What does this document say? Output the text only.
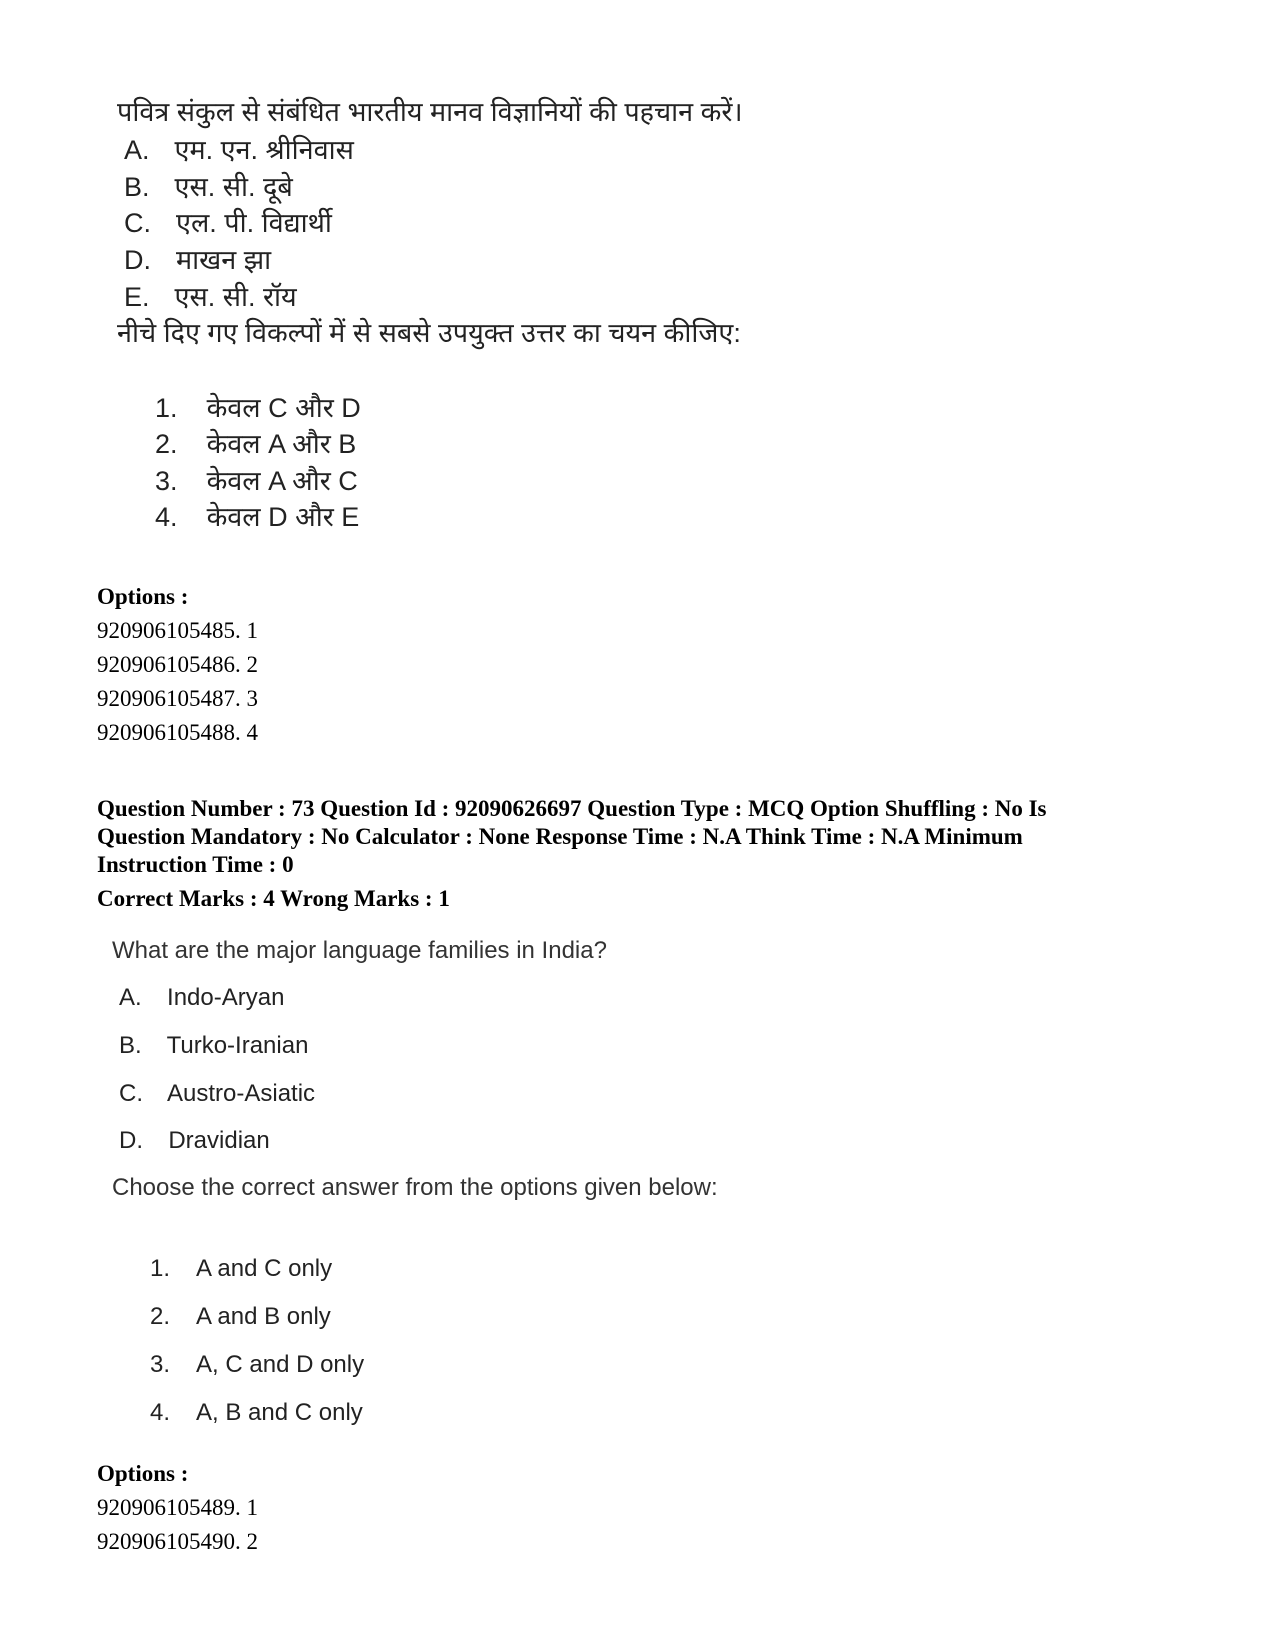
पवित्र संकुल से संबंधित भारतीय मानव विज्ञानियों की पहचान करें।
A. एम. एन. श्रीनिवास
B. एस. सी. दूबे
C. एल. पी. विद्यार्थी
D. माखन झा
E. एस. सी. रॉय
नीचे दिए गए विकल्पों में से सबसे उपयुक्त उत्तर का चयन कीजिए:
1. केवल C और D
2. केवल A और B
3. केवल A और C
4. केवल D और E
Options :
920906105485. 1
920906105486. 2
920906105487. 3
920906105488. 4
Question Number : 73 Question Id : 92090626697 Question Type : MCQ Option Shuffling : No Is
Question Mandatory : No Calculator : None Response Time : N.A Think Time : N.A Minimum
Instruction Time : 0
Correct Marks : 4 Wrong Marks : 1
What are the major language families in India?
A. Indo-Aryan
B. Turko-Iranian
C. Austro-Asiatic
D. Dravidian
Choose the correct answer from the options given below:
1. A and C only
2. A and B only
3. A, C and D only
4. A, B and C only
Options :
920906105489. 1
920906105490. 2
